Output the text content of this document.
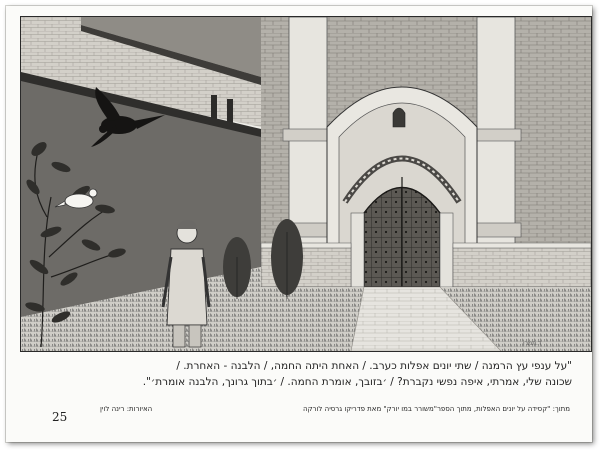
ד.תמרן
"על ענפי עץ הרמנה / שתי יונים אפלות כערב. / האחת היתה החמה, / הלבנה - האחרת. /
שכונה שלי, אמרתי, איפה נפשי נקברת? / ׳בזובך, אומרת החמה. / ׳בתוך גרונך, הלבנה אומרת׳".
מתוך: "קסידה על יונים האפלות, מתוך הספר"משורר במו יורק" מאת פדריקו גרסיה לורקה
האיורות: רינה לוין
25
